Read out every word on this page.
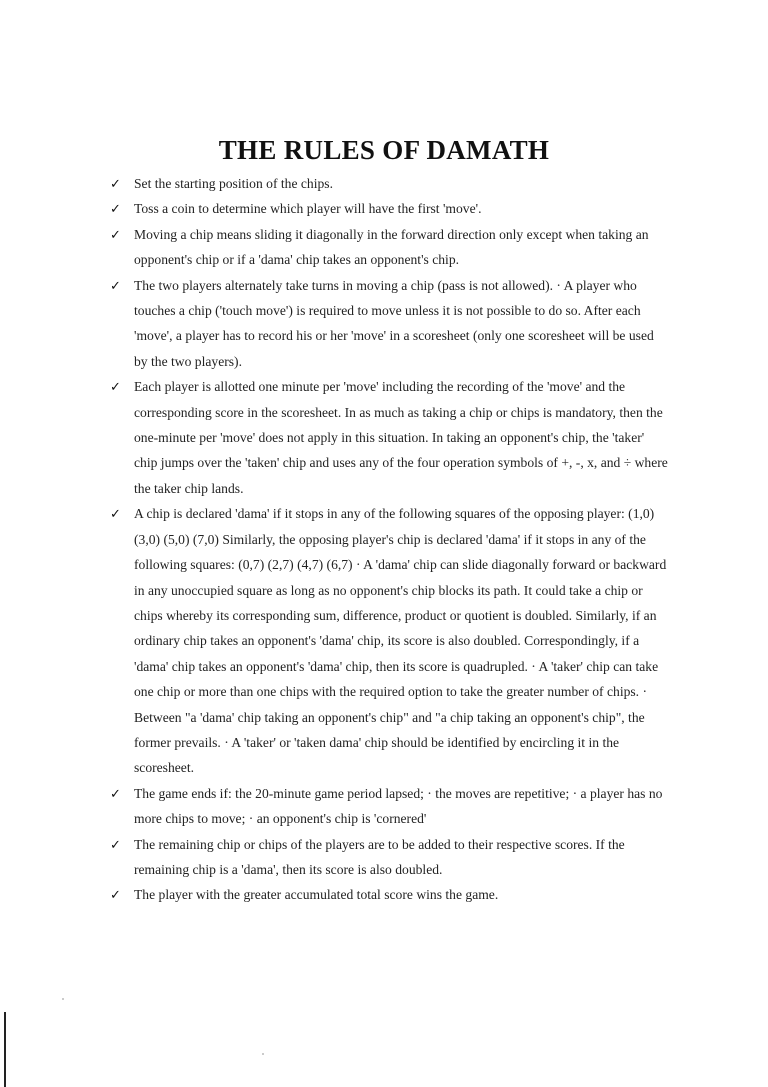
THE RULES OF DAMATH
✓ Set the starting position of the chips.
✓ Toss a coin to determine which player will have the first 'move'.
✓ Moving a chip means sliding it diagonally in the forward direction only except when taking an opponent's chip or if a 'dama' chip takes an opponent's chip.
✓ The two players alternately take turns in moving a chip (pass is not allowed). · A player who touches a chip ('touch move') is required to move unless it is not possible to do so. After each 'move', a player has to record his or her 'move' in a scoresheet (only one scoresheet will be used by the two players).
✓ Each player is allotted one minute per 'move' including the recording of the 'move' and the corresponding score in the scoresheet. In as much as taking a chip or chips is mandatory, then the one-minute per 'move' does not apply in this situation. In taking an opponent's chip, the 'taker' chip jumps over the 'taken' chip and uses any of the four operation symbols of +, -, x, and ÷ where the taker chip lands.
✓ A chip is declared 'dama' if it stops in any of the following squares of the opposing player: (1,0) (3,0) (5,0) (7,0) Similarly, the opposing player's chip is declared 'dama' if it stops in any of the following squares: (0,7) (2,7) (4,7) (6,7) · A 'dama' chip can slide diagonally forward or backward in any unoccupied square as long as no opponent's chip blocks its path. It could take a chip or chips whereby its corresponding sum, difference, product or quotient is doubled. Similarly, if an ordinary chip takes an opponent's 'dama' chip, its score is also doubled. Correspondingly, if a 'dama' chip takes an opponent's 'dama' chip, then its score is quadrupled. · A 'taker' chip can take one chip or more than one chips with the required option to take the greater number of chips. · Between "a 'dama' chip taking an opponent's chip" and "a chip taking an opponent's chip", the former prevails. · A 'taker' or 'taken dama' chip should be identified by encircling it in the scoresheet.
✓ The game ends if: the 20-minute game period lapsed; · the moves are repetitive; · a player has no more chips to move; · an opponent's chip is 'cornered'
✓ The remaining chip or chips of the players are to be added to their respective scores. If the remaining chip is a 'dama', then its score is also doubled.
✓ The player with the greater accumulated total score wins the game.
